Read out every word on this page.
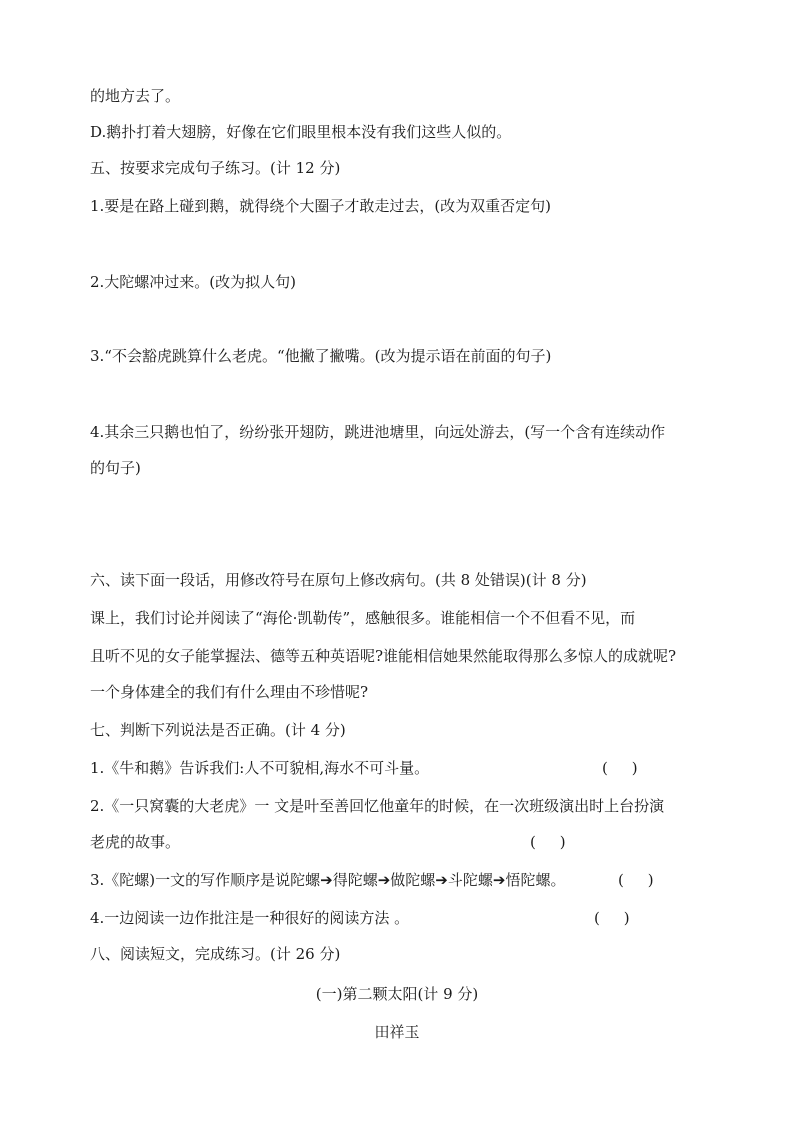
的地方去了。
D.鹅扑打着大翅膀，好像在它们眼里根本没有我们这些人似的。
五、按要求完成句子练习。(计 12 分)
1.要是在路上碰到鹅，就得绕个大圈子才敢走过去，(改为双重否定句)
2.大陀螺冲过来。(改为拟人句)
3.“不会豁虎跳算什么老虎。“他撇了撇嘴。(改为提示语在前面的句子)
4.其余三只鹅也怕了，纷纷张开翅防，跳进池塘里，向远处游去，(写一个含有连续动作
的句子)
六、读下面一段话，用修改符号在原句上修改病句。(共 8 处错误)(计 8 分)
课上，我们讨论并阅读了“海伦·凯勒传”，感触很多。谁能相信一个不但看不见，而
且听不见的女子能掌握法、德等五种英语呢?谁能相信她果然能取得那么多惊人的成就呢?
一个身体建全的我们有什么理由不珍惜呢?
七、判断下列说法是否正确。(计 4 分)
1.《牛和鹅》告诉我们:人不可貌相,海水不可斗量。	(     )
2.《一只窝囊的大老虎》一 文是叶至善回忆他童年的时候，在一次班级演出时上台扮演
老虎的故事。	(     )
3.《陀螺)一文的写作顺序是说陀螺➔得陀螺➔做陀螺➔斗陀螺➔悟陀螺。	(     )
4.一边阅读一边作批注是一种很好的阅读方法 。	(     )
八、阅读短文，完成练习。(计 26 分)
(一)第二颗太阳(计 9 分)
田祥玉
